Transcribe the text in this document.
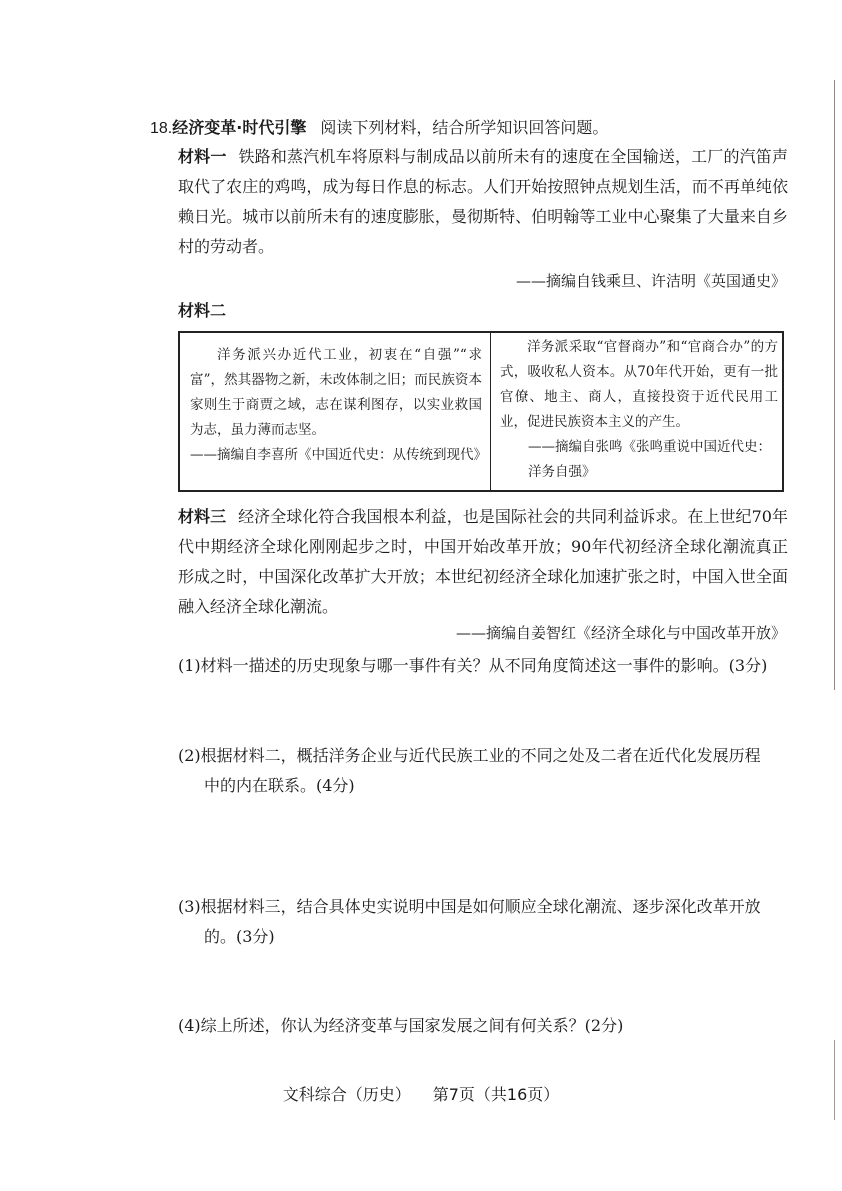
18.经济变革·时代引擎 阅读下列材料，结合所学知识回答问题。
材料一 铁路和蒸汽机车将原料与制成品以前所未有的速度在全国输送，工厂的汽笛声取代了农庄的鸡鸣，成为每日作息的标志。人们开始按照钟点规划生活，而不再单纯依赖日光。城市以前所未有的速度膨胀，曼彻斯特、伯明翰等工业中心聚集了大量来自乡村的劳动者。
——摘编自钱乘旦、许洁明《英国通史》
材料二
洋务派兴办近代工业，初衷在“自强”“求富”，然其器物之新，未改体制之旧；而民族资本家则生于商贾之域，志在谋利图存，以实业救国为志，虽力薄而志坚。
——摘编自李喜所《中国近代史：从传统到现代》
洋务派采取“官督商办”和“官商合办”的方式，吸收私人资本。从70年代开始，更有一批官僚、地主、商人，直接投资于近代民用工业，促进民族资本主义的产生。
——摘编自张鸣《张鸣重说中国近代史：洋务自强》
材料三 经济全球化符合我国根本利益，也是国际社会的共同利益诉求。在上世纪70年代中期经济全球化刚刚起步之时，中国开始改革开放；90年代初经济全球化潮流真正形成之时，中国深化改革扩大开放；本世纪初经济全球化加速扩张之时，中国入世全面融入经济全球化潮流。
——摘编自姜智红《经济全球化与中国改革开放》
(1)材料一描述的历史现象与哪一事件有关？从不同角度简述这一事件的影响。(3分)
(2)根据材料二，概括洋务企业与近代民族工业的不同之处及二者在近代化发展历程
中的内在联系。(4分)
(3)根据材料三，结合具体史实说明中国是如何顺应全球化潮流、逐步深化改革开放
的。(3分)
(4)综上所述，你认为经济变革与国家发展之间有何关系？(2分)
文科综合（历史） 第7页（共16页）
